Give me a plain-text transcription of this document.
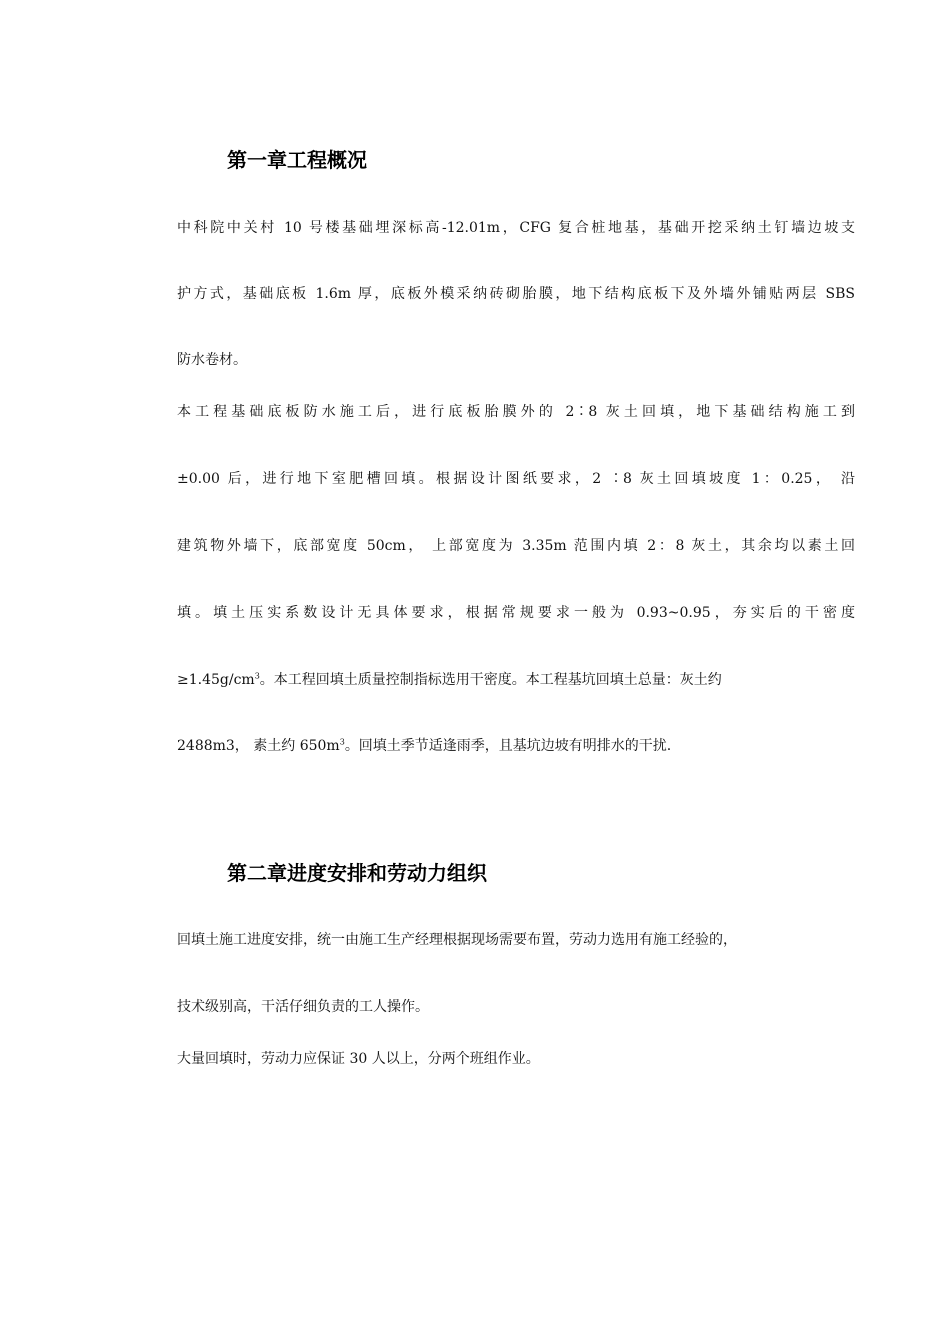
第一章工程概况

中科院中关村 10 号楼基础埋深标高-12.01m，CFG 复合桩地基，基础开挖采纳土钉墙边坡支

护方式，基础底板 1.6m 厚，底板外模采纳砖砌胎膜，地下结构底板下及外墙外铺贴两层 SBS

防水卷材。

本工程基础底板防水施工后，进行底板胎膜外的 2∶8 灰土回填，地下基础结构施工到

±0.00 后，进行地下室肥槽回填。根据设计图纸要求，2 ∶8 灰土回填坡度 1：0.25， 沿

建筑物外墙下，底部宽度 50cm， 上部宽度为 3.35m 范围内填 2：8 灰土，其余均以素土回

填。填土压实系数设计无具体要求，根据常规要求一般为 0.93~0.95，夯实后的干密度

$\ge 1.45g/cm^3$。本工程回填土质量控制指标选用干密度。本工程基坑回填土总量：灰土约

2488m3， 素土约 $650m^3$。回填土季节适逢雨季，且基坑边坡有明排水的干扰.

第二章进度安排和劳动力组织

回填土施工进度安排，统一由施工生产经理根据现场需要布置，劳动力选用有施工经验的，

技术级别高，干活仔细负责的工人操作。

大量回填时，劳动力应保证 30 人以上，分两个班组作业。
